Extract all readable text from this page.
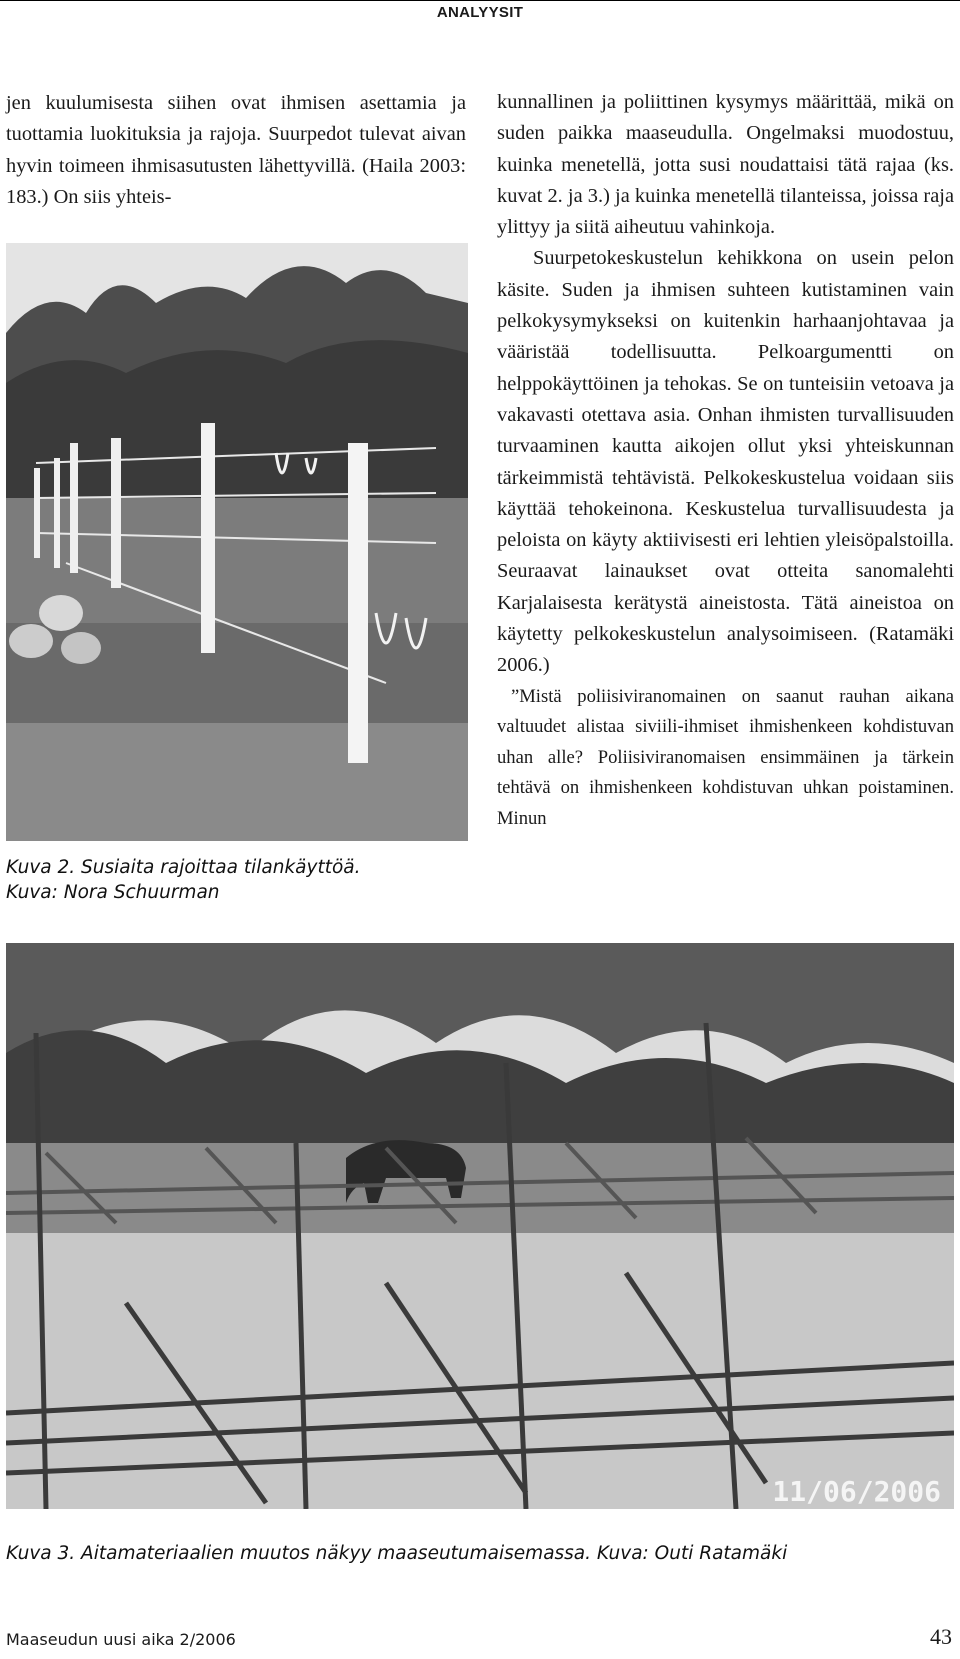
ANALYYSIT

jen kuulumisesta siihen ovat ihmisen asettamia ja tuottamia luokituksia ja rajoja. Suurpedot tulevat aivan hyvin toimeen ihmisasutusten lähettyvillä. (Haila 2003: 183.) On siis yhteis-

kunnallinen ja poliittinen kysymys määrittää, mikä on suden paikka maaseudulla. Ongelmaksi muodostuu, kuinka menetellä, jotta susi noudattaisi tätä rajaa (ks. kuvat 2. ja 3.) ja kuinka menetellä tilanteissa, joissa raja ylittyy ja siitä aiheutuu vahinkoja.

Suurpetokeskustelun kehikkona on usein pelon käsite. Suden ja ihmisen suhteen kutistaminen vain pelkokysymykseksi on kuitenkin harhaanjohtavaa ja vääristää todellisuutta. Pelkoargumentti on helppokäyttöinen ja tehokas. Se on tunteisiin vetoava ja vakavasti otettava asia. Onhan ihmisten turvallisuuden turvaaminen kautta aikojen ollut yksi yhteiskunnan tärkeimmistä tehtävistä. Pelkokeskustelua voidaan siis käyttää tehokeinona. Keskustelua turvallisuudesta ja peloista on käyty aktiivisesti eri lehtien yleisöpalstoilla. Seuraavat lainaukset ovat otteita sanomalehti Karjalaisesta kerätystä aineistosta. Tätä aineistoa on käytetty pelkokeskustelun analysoimiseen. (Ratamäki 2006.)

”Mistä poliisiviranomainen on saanut rauhan aikana valtuudet alistaa siviili-ihmiset ihmishenkeen kohdistuvan uhan alle? Poliisiviranomaisen ensimmäinen ja tärkein tehtävä on ihmishenkeen kohdistuvan uhkan poistaminen. Minun

Kuva 2. Susiaita rajoittaa tilankäyttöä.
Kuva: Nora Schuurman
11/06/2006
Kuva 3. Aitamateriaalien muutos näkyy maaseutumaisemassa. Kuva: Outi Ratamäki
Maaseudun uusi aika 2/2006	43
